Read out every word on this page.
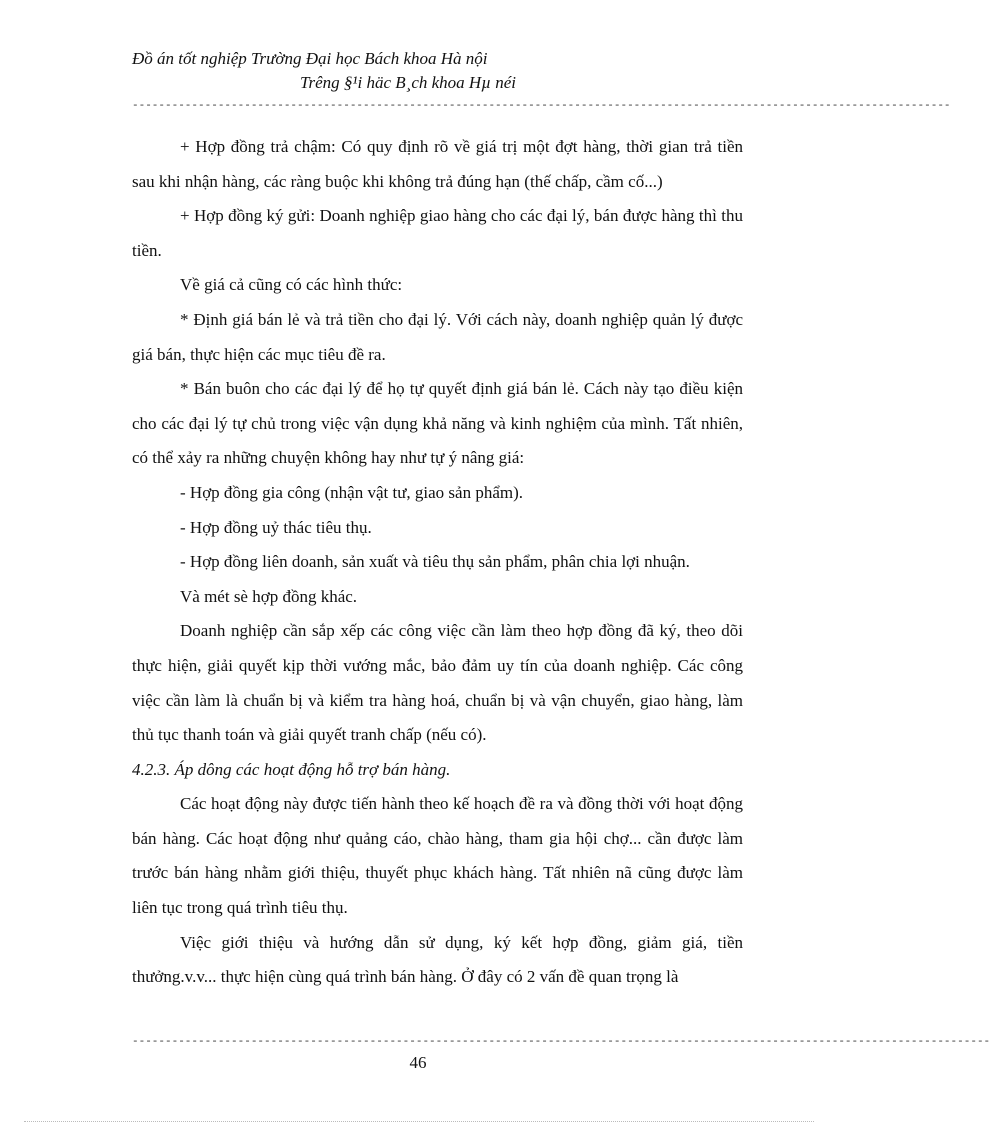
Đồ án tốt nghiệp Trường Đại học Bách khoa Hà nội
Trêng §¹i häc B¸ch khoa Hµ néi
----------------------------------------------------------------------------------------------------------------------------

+ Hợp đồng trả chậm: Có quy định rõ về giá trị một đợt hàng, thời gian trả tiền sau khi nhận hàng, các ràng buộc khi không trả đúng hạn (thế chấp, cầm cố...)

+ Hợp đồng ký gửi: Doanh nghiệp giao hàng cho các đại lý, bán được hàng thì thu tiền.

Về giá cả cũng có các hình thức:

* Định giá bán lẻ và trả tiền cho đại lý. Với cách này, doanh nghiệp quản lý được giá bán, thực hiện các mục tiêu đề ra.

* Bán buôn cho các đại lý để họ tự quyết định giá bán lẻ. Cách này tạo điều kiện cho các đại lý tự chủ trong việc vận dụng khả năng và kinh nghiệm của mình. Tất nhiên, có thể xảy ra những chuyện không hay như tự ý nâng giá:

- Hợp đồng gia công (nhận vật tư, giao sản phẩm).

- Hợp đồng uỷ thác tiêu thụ.

- Hợp đồng liên doanh, sản xuất và tiêu thụ sản phẩm, phân chia lợi nhuận.

Và mét sè hợp đồng khác.

Doanh nghiệp cần sắp xếp các công việc cần làm theo hợp đồng đã ký, theo dõi thực hiện, giải quyết kịp thời vướng mắc, bảo đảm uy tín của doanh nghiệp. Các công việc cần làm là chuẩn bị và kiểm tra hàng hoá, chuẩn bị và vận chuyển, giao hàng, làm thủ tục thanh toán và giải quyết tranh chấp (nếu có).

4.2.3. Áp dông các hoạt động hỗ trợ bán hàng.

Các hoạt động này được tiến hành theo kế hoạch đề ra và đồng thời với hoạt động bán hàng. Các hoạt động như quảng cáo, chào hàng, tham gia hội chợ... cần được làm trước bán hàng nhằm giới thiệu, thuyết phục khách hàng. Tất nhiên nã cũng được làm liên tục trong quá trình tiêu thụ.

Việc giới thiệu và hướng dẫn sử dụng, ký kết hợp đồng, giảm giá, tiền thưởng.v.v... thực hiện cùng quá trình bán hàng. Ở đây có 2 vấn đề quan trọng là

----------------------------------------------------------------------------------------------------------------------------------
46
